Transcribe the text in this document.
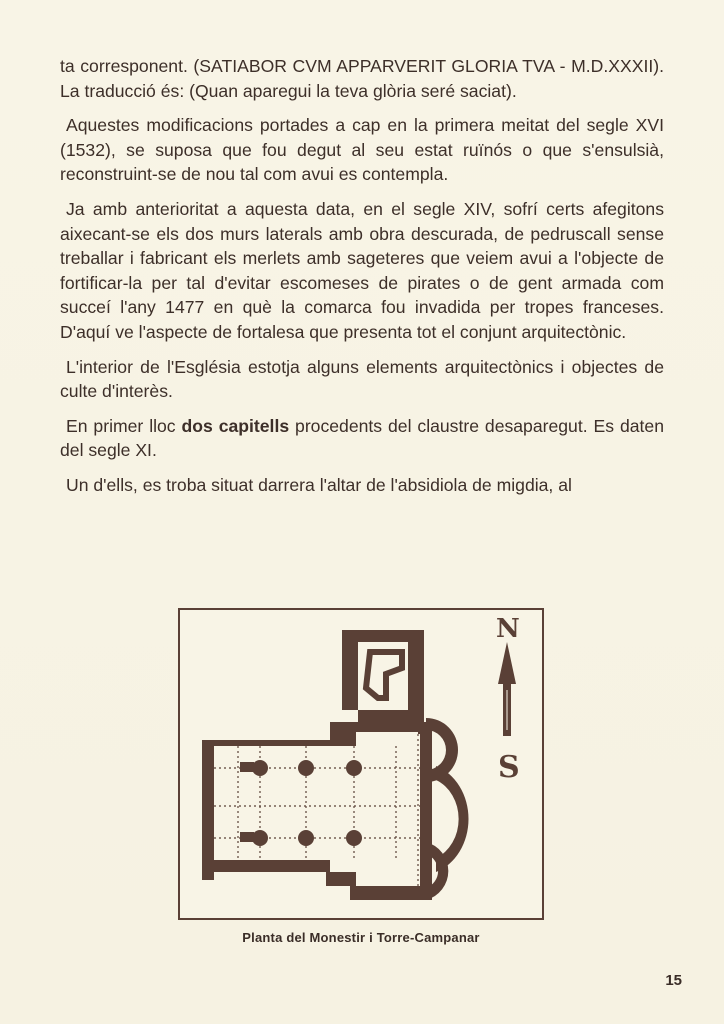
ta corresponent. (SATIABOR CVM APPARVERIT GLORIA TVA - M.D.XXXII). La traducció és: (Quan aparegui la teva glòria seré saciat).

Aquestes modificacions portades a cap en la primera meitat del segle XVI (1532), se suposa que fou degut al seu estat ruïnós o que s'ensulsià, reconstruint-se de nou tal com avui es contempla.

Ja amb anterioritat a aquesta data, en el segle XIV, sofrí certs afegitons aixecant-se els dos murs laterals amb obra descurada, de pedruscall sense treballar i fabricant els merlets amb sageteres que veiem avui a l'objecte de fortificar-la per tal d'evitar escomeses de pirates o de gent armada com succeí l'any 1477 en què la comarca fou invadida per tropes franceses. D'aquí ve l'aspecte de fortalesa que presenta tot el conjunt arquitectònic.

L'interior de l'Església estotja alguns elements arquitectònics i objectes de culte d'interès.

En primer lloc dos capitells procedents del claustre desaparegut. Es daten del segle XI.

Un d'ells, es troba situat darrera l'altar de l'absidiola de migdia, al

N
S
Planta del Monestir i Torre-Campanar
15
